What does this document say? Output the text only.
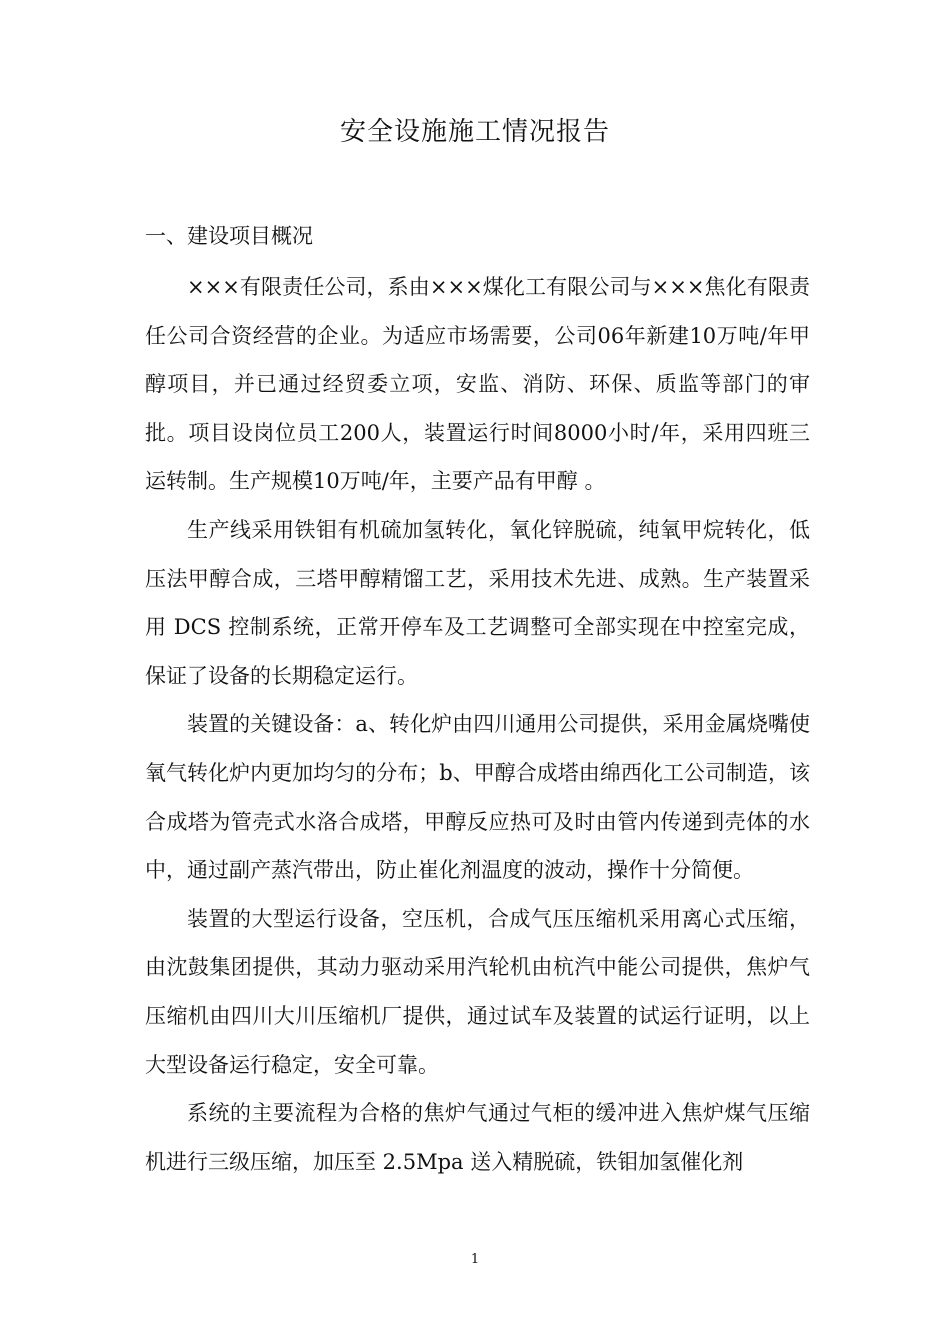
安全设施施工情况报告
一、建设项目概况

×××有限责任公司，系由×××煤化工有限公司与×××焦化有限责任公司合资经营的企业。为适应市场需要，公司06年新建10万吨/年甲醇项目，并已通过经贸委立项，安监、消防、环保、质监等部门的审批。项目设岗位员工200人，装置运行时间8000小时/年，采用四班三运转制。生产规模10万吨/年，主要产品有甲醇 。

生产线采用铁钼有机硫加氢转化，氧化锌脱硫，纯氧甲烷转化，低压法甲醇合成，三塔甲醇精馏工艺，采用技术先进、成熟。生产装置采用 DCS 控制系统，正常开停车及工艺调整可全部实现在中控室完成，保证了设备的长期稳定运行。

装置的关键设备：a、转化炉由四川通用公司提供，采用金属烧嘴使氧气转化炉内更加均匀的分布；b、甲醇合成塔由绵西化工公司制造，该合成塔为管壳式水洛合成塔，甲醇反应热可及时由管内传递到壳体的水中，通过副产蒸汽带出，防止崔化剂温度的波动，操作十分简便。

装置的大型运行设备，空压机，合成气压压缩机采用离心式压缩，由沈鼓集团提供，其动力驱动采用汽轮机由杭汽中能公司提供，焦炉气压缩机由四川大川压缩机厂提供，通过试车及装置的试运行证明，以上大型设备运行稳定，安全可靠。

系统的主要流程为合格的焦炉气通过气柜的缓冲进入焦炉煤气压缩机进行三级压缩，加压至 2.5Mpa 送入精脱硫，铁钼加氢催化剂

1
